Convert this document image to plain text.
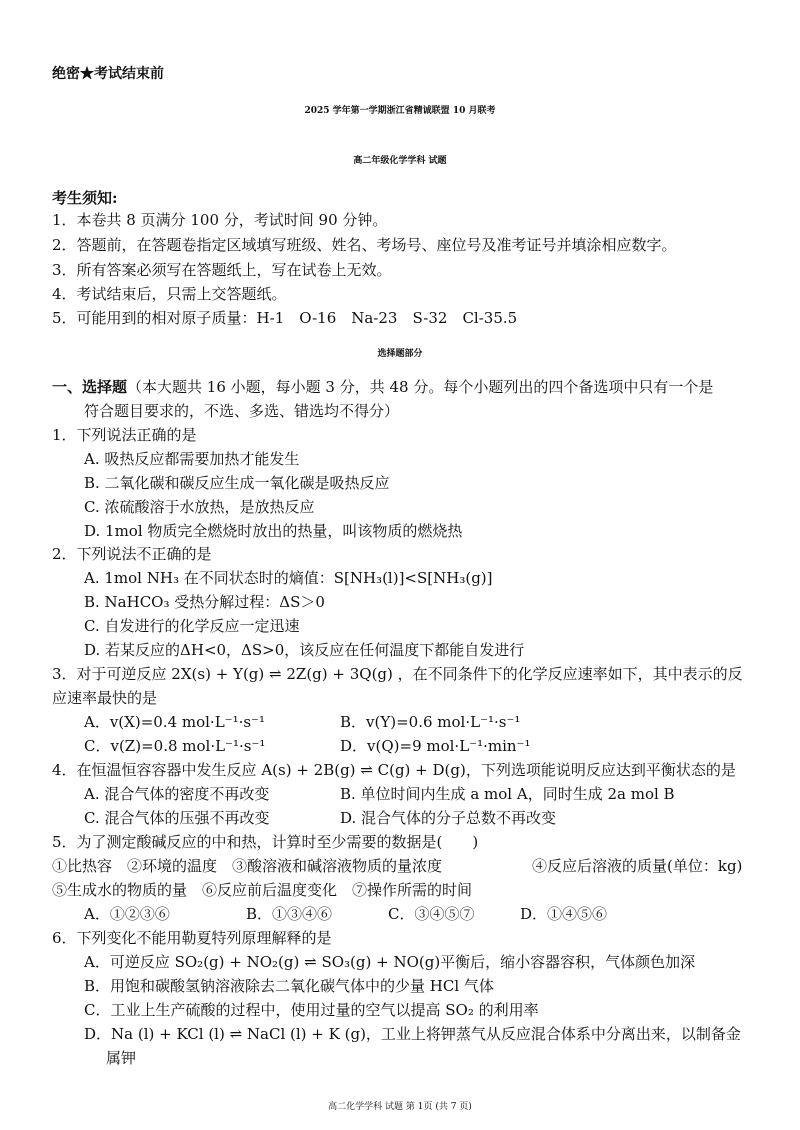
绝密★考试结束前
2025 学年第一学期浙江省精诚联盟 10 月联考
高二年级化学学科 试题
考生须知:
1．本卷共 8 页满分 100 分，考试时间 90 分钟。
2．答题前，在答题卷指定区域填写班级、姓名、考场号、座位号及准考证号并填涂相应数字。
3．所有答案必须写在答题纸上，写在试卷上无效。
4．考试结束后，只需上交答题纸。
5．可能用到的相对原子质量：H-1　O-16　Na-23　S-32　Cl-35.5
选择题部分
一、选择题（本大题共 16 小题，每小题 3 分，共 48 分。每个小题列出的四个备选项中只有一个是
符合题目要求的，不选、多选、错选均不得分）
1．下列说法正确的是
A. 吸热反应都需要加热才能发生
B. 二氧化碳和碳反应生成一氧化碳是吸热反应
C. 浓硫酸溶于水放热，是放热反应
D. 1mol 物质完全燃烧时放出的热量，叫该物质的燃烧热
2．下列说法不正确的是
A. 1mol NH₃ 在不同状态时的熵值：S[NH₃(l)]<S[NH₃(g)]
B. NaHCO₃ 受热分解过程：ΔS＞0
C. 自发进行的化学反应一定迅速
D. 若某反应的ΔH<0，ΔS>0，该反应在任何温度下都能自发进行
3．对于可逆反应 2X(s) + Y(g) ⇌ 2Z(g) + 3Q(g) ，在不同条件下的化学反应速率如下，其中表示的反
应速率最快的是
A．v(X)=0.4 mol·L⁻¹·s⁻¹	B．v(Y)=0.6 mol·L⁻¹·s⁻¹
C．v(Z)=0.8 mol·L⁻¹·s⁻¹	D．v(Q)=9 mol·L⁻¹·min⁻¹
4．在恒温恒容容器中发生反应 A(s) + 2B(g) ⇌ C(g) + D(g)，下列选项能说明反应达到平衡状态的是
A. 混合气体的密度不再改变	B. 单位时间内生成 a mol A，同时生成 2a mol B
C. 混合气体的压强不再改变	D. 混合气体的分子总数不再改变
5．为了测定酸碱反应的中和热，计算时至少需要的数据是(　　)
①比热容　②环境的温度　③酸溶液和碱溶液物质的量浓度	④反应后溶液的质量(单位：kg)
⑤生成水的物质的量　⑥反应前后温度变化　⑦操作所需的时间
A．①②③⑥	B．①③④⑥	C．③④⑤⑦	D．①④⑤⑥
6．下列变化不能用勒夏特列原理解释的是
A．可逆反应 SO₂(g) + NO₂(g) ⇌ SO₃(g) + NO(g)平衡后，缩小容器容积，气体颜色加深
B．用饱和碳酸氢钠溶液除去二氧化碳气体中的少量 HCl 气体
C．工业上生产硫酸的过程中，使用过量的空气以提高 SO₂ 的利用率
D．Na (l) + KCl (l) ⇌ NaCl (l) + K (g)，工业上将钾蒸气从反应混合体系中分离出来，以制备金
属钾
高二化学学科 试题 第 1页 (共 7 页)
